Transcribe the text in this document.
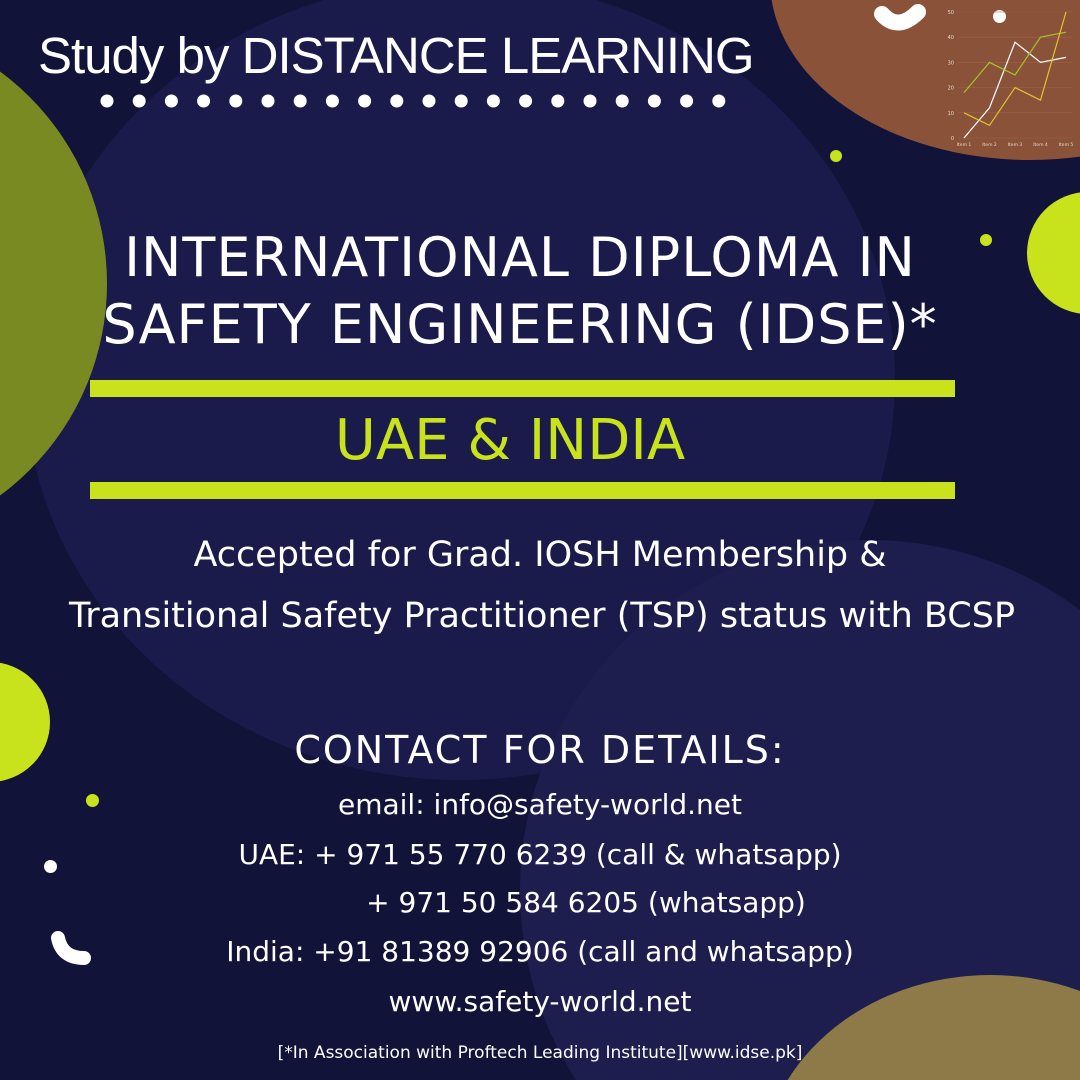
0
10
20
30
40
50
Item 1 Item 2 Item 3 Item 4 Item 5
Study by DISTANCE LEARNING
INTERNATIONAL DIPLOMA IN
SAFETY ENGINEERING (IDSE)*
UAE & INDIA
Accepted for Grad. IOSH Membership &
Transitional Safety Practitioner (TSP) status with BCSP
CONTACT FOR DETAILS:
email: info@safety-world.net
UAE: + 971 55 770 6239 (call & whatsapp)
+ 971 50 584 6205 (whatsapp)
India: +91 81389 92906 (call and whatsapp)
www.safety-world.net
[*In Association with Proftech Leading Institute][www.idse.pk]
